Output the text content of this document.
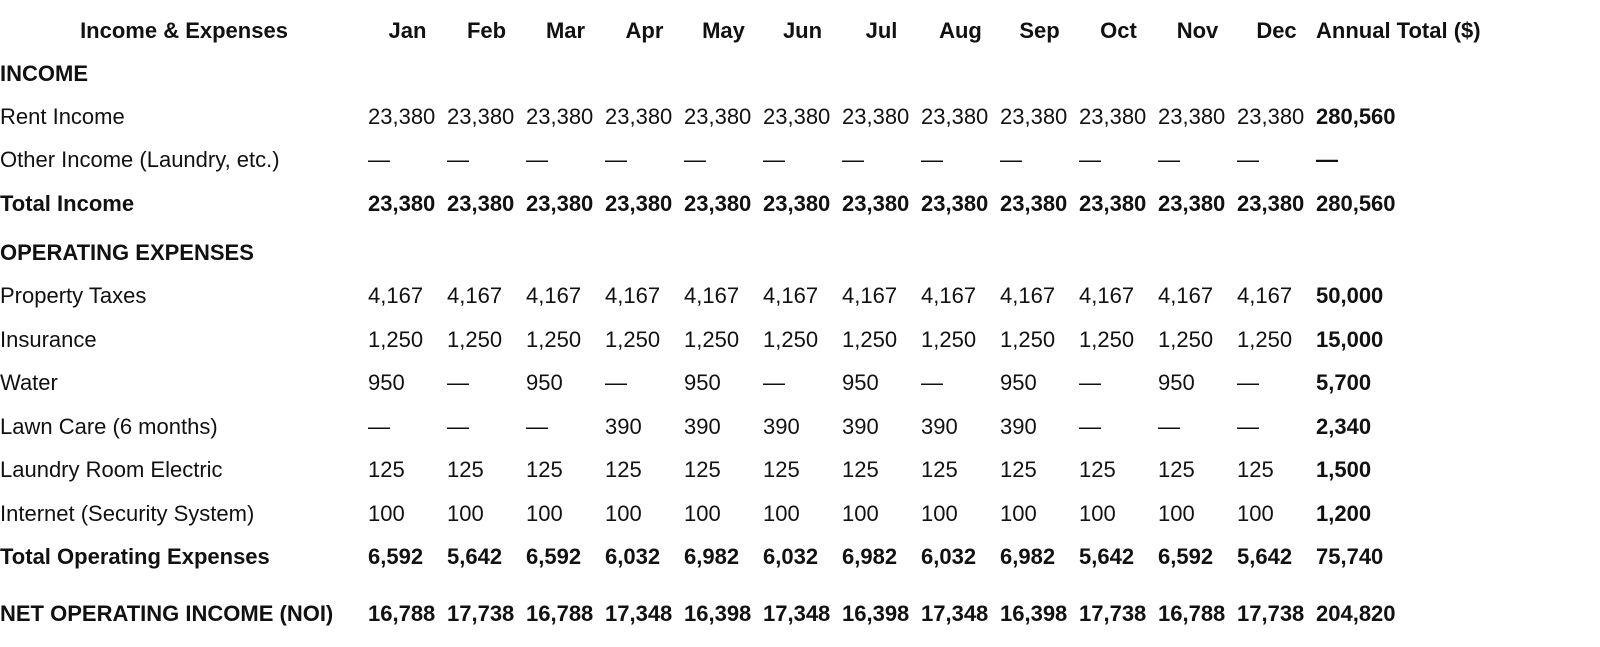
Income & Expenses	Jan	Feb	Mar	Apr	May	Jun	Jul	Aug	Sep	Oct	Nov	Dec	Annual Total ($)
INCOME													
Rent Income	23,380	23,380	23,380	23,380	23,380	23,380	23,380	23,380	23,380	23,380	23,380	23,380	280,560
Other Income (Laundry, etc.)	—	—	—	—	—	—	—	—	—	—	—	—	—
Total Income	23,380	23,380	23,380	23,380	23,380	23,380	23,380	23,380	23,380	23,380	23,380	23,380	280,560
OPERATING EXPENSES													
Property Taxes	4,167	4,167	4,167	4,167	4,167	4,167	4,167	4,167	4,167	4,167	4,167	4,167	50,000
Insurance	1,250	1,250	1,250	1,250	1,250	1,250	1,250	1,250	1,250	1,250	1,250	1,250	15,000
Water	950	—	950	—	950	—	950	—	950	—	950	—	5,700
Lawn Care (6 months)	—	—	—	390	390	390	390	390	390	—	—	—	2,340
Laundry Room Electric	125	125	125	125	125	125	125	125	125	125	125	125	1,500
Internet (Security System)	100	100	100	100	100	100	100	100	100	100	100	100	1,200
Total Operating Expenses	6,592	5,642	6,592	6,032	6,982	6,032	6,982	6,032	6,982	5,642	6,592	5,642	75,740
NET OPERATING INCOME (NOI)	16,788	17,738	16,788	17,348	16,398	17,348	16,398	17,348	16,398	17,738	16,788	17,738	204,820
